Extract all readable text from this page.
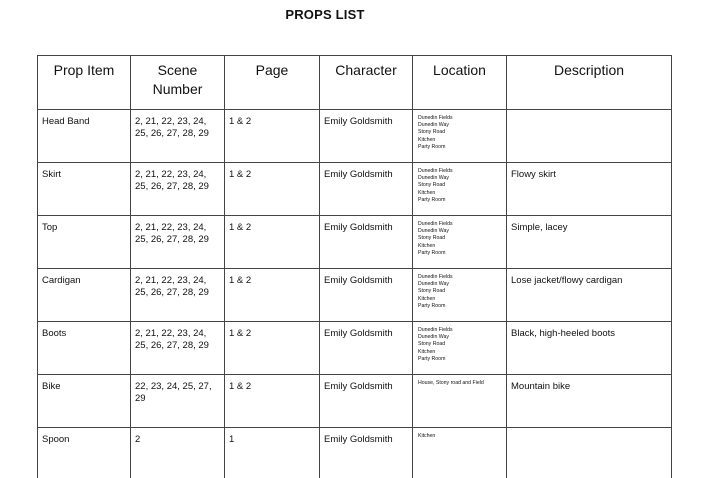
PROPS LIST
Prop Item	Scene Number	Page	Character	Location	Description
Head Band	2, 21, 22, 23, 24, 25, 26, 27, 28, 29	1 & 2	Emily Goldsmith	Dunedin Fields
Dunedin Way
Stony Road
Kitchen
Party Room	

Skirt	2, 21, 22, 23, 24, 25, 26, 27, 28, 29	1 & 2	Emily Goldsmith	Dunedin Fields
Dunedin Way
Stony Road
Kitchen
Party Room	Flowy skirt
Top	2, 21, 22, 23, 24, 25, 26, 27, 28, 29	1 & 2	Emily Goldsmith	Dunedin Fields
Dunedin Way
Stony Road
Kitchen
Party Room	Simple, lacey
Cardigan	2, 21, 22, 23, 24, 25, 26, 27, 28, 29	1 & 2	Emily Goldsmith	Dunedin Fields
Dunedin Way
Stony Road
Kitchen
Party Room	Lose jacket/flowy cardigan
Boots	2, 21, 22, 23, 24, 25, 26, 27, 28, 29	1 & 2	Emily Goldsmith	Dunedin Fields
Dunedin Way
Stony Road
Kitchen
Party Room	Black, high-heeled boots
Bike	22, 23, 24, 25, 27, 29	1 & 2	Emily Goldsmith	House, Stony road and Field	Mountain bike
Spoon	2	1	Emily Goldsmith	Kitchen	
